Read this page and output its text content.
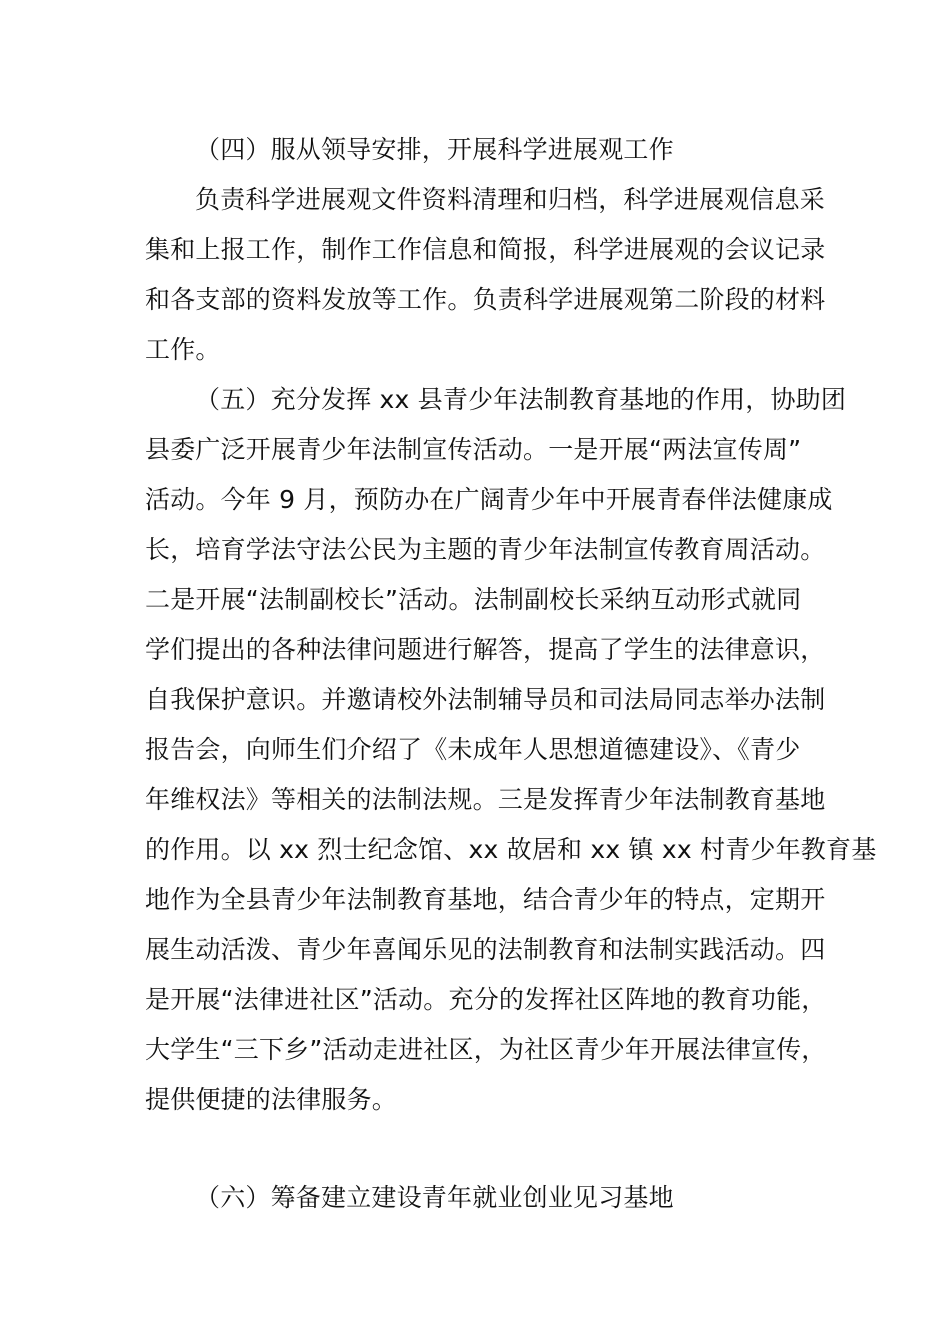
（四）服从领导安排，开展科学进展观工作
负责科学进展观文件资料清理和归档，科学进展观信息采
集和上报工作，制作工作信息和简报，科学进展观的会议记录
和各支部的资料发放等工作。负责科学进展观第二阶段的材料
工作。
（五）充分发挥 xx 县青少年法制教育基地的作用，协助团
县委广泛开展青少年法制宣传活动。一是开展“两法宣传周”
活动。今年 9 月，预防办在广阔青少年中开展青春伴法健康成
长，培育学法守法公民为主题的青少年法制宣传教育周活动。
二是开展“法制副校长”活动。法制副校长采纳互动形式就同
学们提出的各种法律问题进行解答，提高了学生的法律意识，
自我保护意识。并邀请校外法制辅导员和司法局同志举办法制
报告会，向师生们介绍了《未成年人思想道德建设》、《青少
年维权法》等相关的法制法规。三是发挥青少年法制教育基地
的作用。以 xx 烈士纪念馆、xx 故居和 xx 镇 xx 村青少年教育基
地作为全县青少年法制教育基地，结合青少年的特点，定期开
展生动活泼、青少年喜闻乐见的法制教育和法制实践活动。四
是开展“法律进社区”活动。充分的发挥社区阵地的教育功能，
大学生“三下乡”活动走进社区，为社区青少年开展法律宣传，
提供便捷的法律服务。
（六）筹备建立建设青年就业创业见习基地
